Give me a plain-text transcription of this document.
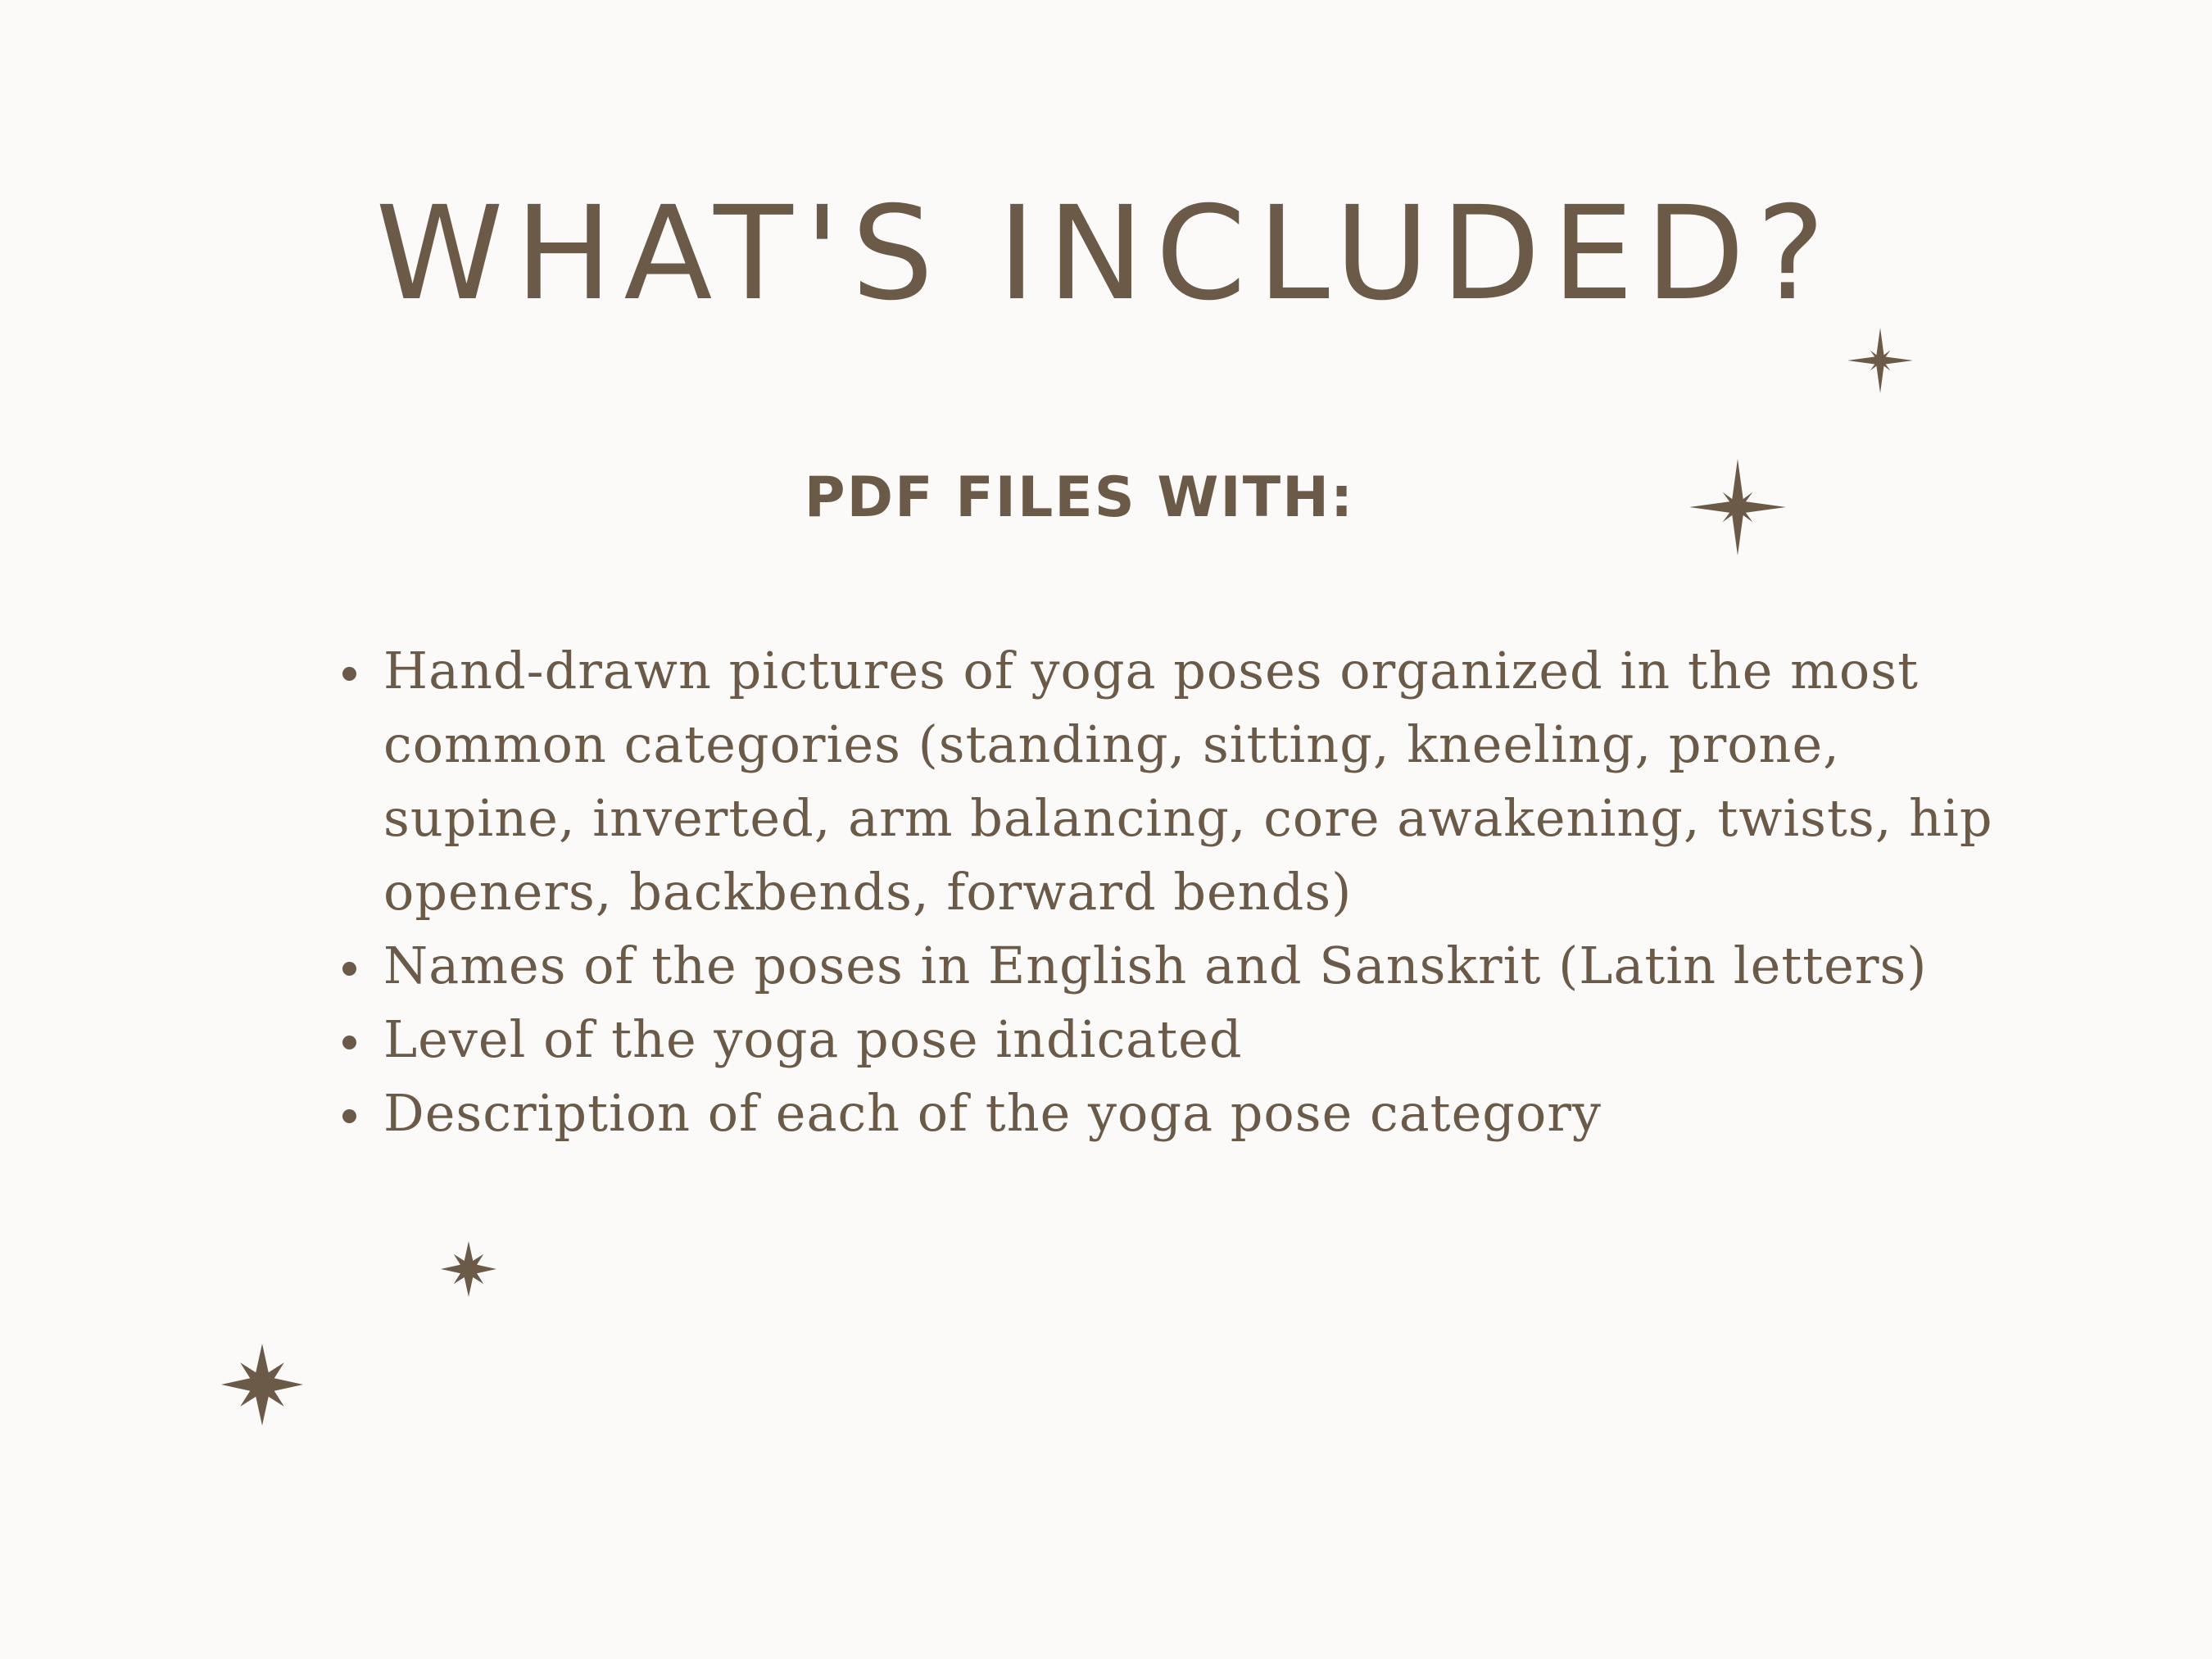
WHAT'S INCLUDED?
PDF FILES WITH:
Hand-drawn pictures of yoga poses organized in the most common categories (standing, sitting, kneeling, prone, supine, inverted, arm balancing, core awakening, twists, hip openers, backbends, forward bends)
Names of the poses in English and Sanskrit (Latin letters)
Level of the yoga pose indicated
Description of each of the yoga pose category
